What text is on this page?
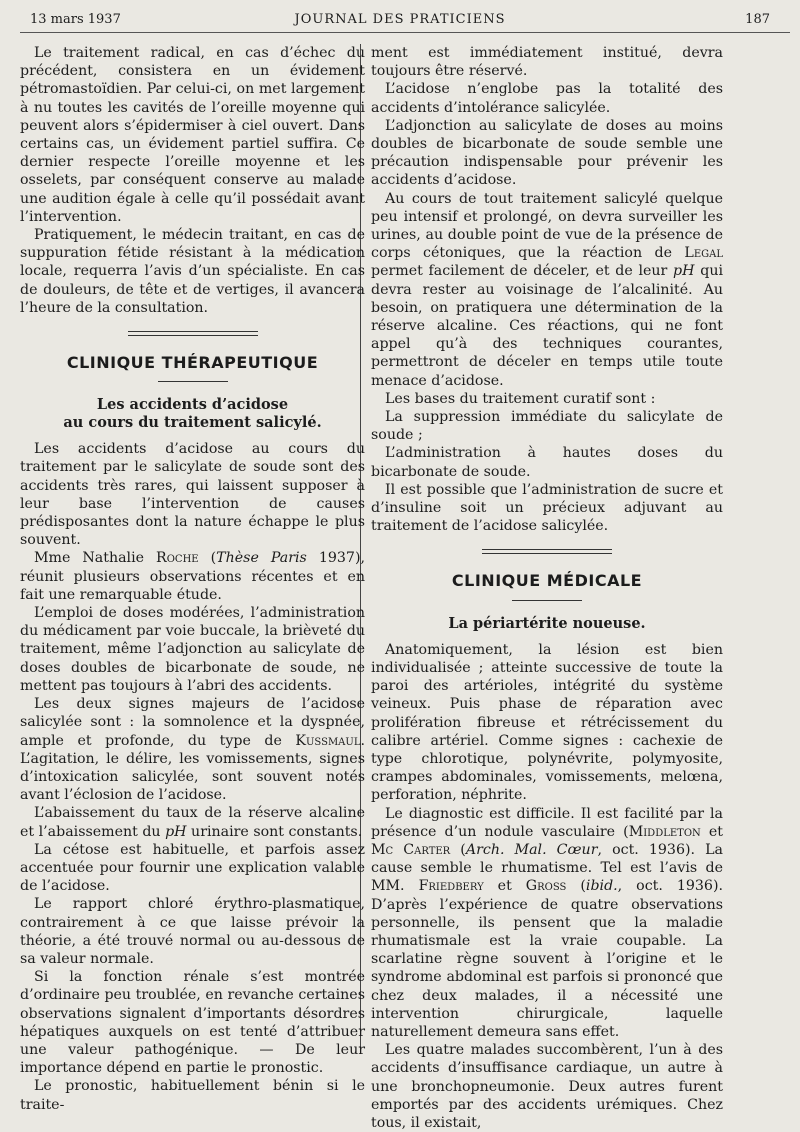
13 mars 1937	JOURNAL DES PRATICIENS	187

Le traitement radical, en cas d’échec du précédent, consistera en un évidement pétromastoïdien. Par celui-ci, on met largement à nu toutes les cavités de l’oreille moyenne qui peuvent alors s’épidermiser à ciel ouvert. Dans certains cas, un évidement partiel suffira. Ce dernier respecte l’oreille moyenne et les osselets, par conséquent conserve au malade une audition égale à celle qu’il possédait avant l’intervention.

Pratiquement, le médecin traitant, en cas de suppuration fétide résistant à la médication locale, requerra l’avis d’un spécialiste. En cas de douleurs, de tête et de vertiges, il avancera l’heure de la consultation.

CLINIQUE THÉRAPEUTIQUE
Les accidents d’acidose
au cours du traitement salicylé.

Les accidents d’acidose au cours du traitement par le salicylate de soude sont des accidents très rares, qui laissent supposer à leur base l’intervention de causes prédisposantes dont la nature échappe le plus souvent.

Mme Nathalie Roche (Thèse Paris 1937), réunit plusieurs observations récentes et en fait une remarquable étude.

L’emploi de doses modérées, l’administration du médicament par voie buccale, la brièveté du traitement, même l’adjonction au salicylate de doses doubles de bicarbonate de soude, ne mettent pas toujours à l’abri des accidents.

Les deux signes majeurs de l’acidose salicylée sont : la somnolence et la dyspnée, ample et profonde, du type de Kussmaul. L’agitation, le délire, les vomissements, signes d’intoxication salicylée, sont souvent notés avant l’éclosion de l’acidose.

L’abaissement du taux de la réserve alcaline et l’abaissement du pH urinaire sont constants.

La cétose est habituelle, et parfois assez accentuée pour fournir une explication valable de l’acidose.

Le rapport chloré érythro-plasmatique, contrairement à ce que laisse prévoir la théorie, a été trouvé normal ou au-dessous de sa valeur normale.

Si la fonction rénale s’est montrée d’ordinaire peu troublée, en revanche certaines observations signalent d’importants désordres hépatiques auxquels on est tenté d’attribuer une valeur pathogénique. — De leur importance dépend en partie le pronostic.

Le pronostic, habituellement bénin si le traite-

ment est immédiatement institué, devra toujours être réservé.

L’acidose n’englobe pas la totalité des accidents d’intolérance salicylée.

L’adjonction au salicylate de doses au moins doubles de bicarbonate de soude semble une précaution indispensable pour prévenir les accidents d’acidose.

Au cours de tout traitement salicylé quelque peu intensif et prolongé, on devra surveiller les urines, au double point de vue de la présence de corps cétoniques, que la réaction de Legal permet facilement de déceler, et de leur pH qui devra rester au voisinage de l’alcalinité. Au besoin, on pratiquera une détermination de la réserve alcaline. Ces réactions, qui ne font appel qu’à des techniques courantes, permettront de déceler en temps utile toute menace d’acidose.

Les bases du traitement curatif sont :

La suppression immédiate du salicylate de soude ;

L’administration à hautes doses du bicarbonate de soude.

Il est possible que l’administration de sucre et d’insuline soit un précieux adjuvant au traitement de l’acidose salicylée.

CLINIQUE MÉDICALE
La périartérite noueuse.

Anatomiquement, la lésion est bien individualisée ; atteinte successive de toute la paroi des artérioles, intégrité du système veineux. Puis phase de réparation avec prolifération fibreuse et rétrécissement du calibre artériel. Comme signes : cachexie de type chlorotique, polynévrite, polymyosite, crampes abdominales, vomissements, melœna, perforation, néphrite.

Le diagnostic est difficile. Il est facilité par la présence d’un nodule vasculaire (Middleton et Mc Carter (Arch. Mal. Cœur, oct. 1936). La cause semble le rhumatisme. Tel est l’avis de MM. Friedbery et Gross (ibid., oct. 1936). D’après l’expérience de quatre observations personnelle, ils pensent que la maladie rhumatismale est la vraie coupable. La scarlatine règne souvent à l’origine et le syndrome abdominal est parfois si prononcé que chez deux malades, il a nécessité une intervention chirurgicale, laquelle naturellement demeura sans effet.

Les quatre malades succombèrent, l’un à des accidents d’insuffisance cardiaque, un autre à une bronchopneumonie. Deux autres furent emportés par des accidents urémiques. Chez tous, il existait,
